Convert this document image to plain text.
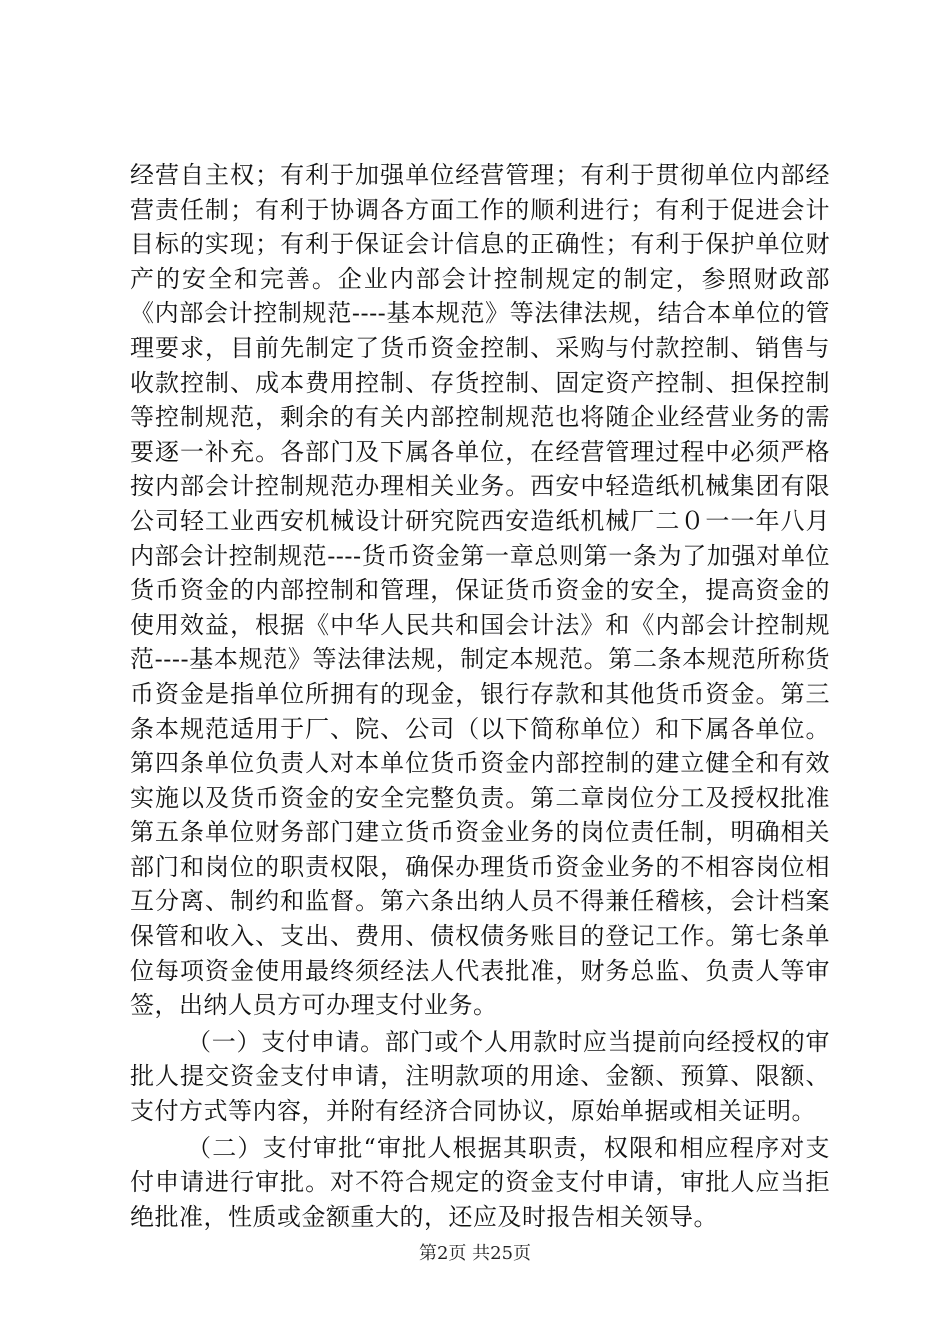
经营自主权；有利于加强单位经营管理；有利于贯彻单位内部经营责任制；有利于协调各方面工作的顺利进行；有利于促进会计目标的实现；有利于保证会计信息的正确性；有利于保护单位财产的安全和完善。企业内部会计控制规定的制定，参照财政部《内部会计控制规范----基本规范》等法律法规，结合本单位的管理要求，目前先制定了货币资金控制、采购与付款控制、销售与收款控制、成本费用控制、存货控制、固定资产控制、担保控制等控制规范，剩余的有关内部控制规范也将随企业经营业务的需要逐一补充。各部门及下属各单位，在经营管理过程中必须严格按内部会计控制规范办理相关业务。西安中轻造纸机械集团有限公司轻工业西安机械设计研究院西安造纸机械厂二０一一年八月内部会计控制规范----货币资金第一章总则第一条为了加强对单位货币资金的内部控制和管理，保证货币资金的安全，提高资金的使用效益，根据《中华人民共和国会计法》和《内部会计控制规范----基本规范》等法律法规，制定本规范。第二条本规范所称货币资金是指单位所拥有的现金，银行存款和其他货币资金。第三条本规范适用于厂、院、公司（以下简称单位）和下属各单位。第四条单位负责人对本单位货币资金内部控制的建立健全和有效实施以及货币资金的安全完整负责。第二章岗位分工及授权批准第五条单位财务部门建立货币资金业务的岗位责任制，明确相关部门和岗位的职责权限，确保办理货币资金业务的不相容岗位相互分离、制约和监督。第六条出纳人员不得兼任稽核，会计档案保管和收入、支出、费用、债权债务账目的登记工作。第七条单位每项资金使用最终须经法人代表批准，财务总监、负责人等审签，出纳人员方可办理支付业务。

（一）支付申请。部门或个人用款时应当提前向经授权的审批人提交资金支付申请，注明款项的用途、金额、预算、限额、支付方式等内容，并附有经济合同协议，原始单据或相关证明。

（二）支付审批“审批人根据其职责，权限和相应程序对支付申请进行审批。对不符合规定的资金支付申请，审批人应当拒绝批准，性质或金额重大的，还应及时报告相关领导。

第2页 共25页
